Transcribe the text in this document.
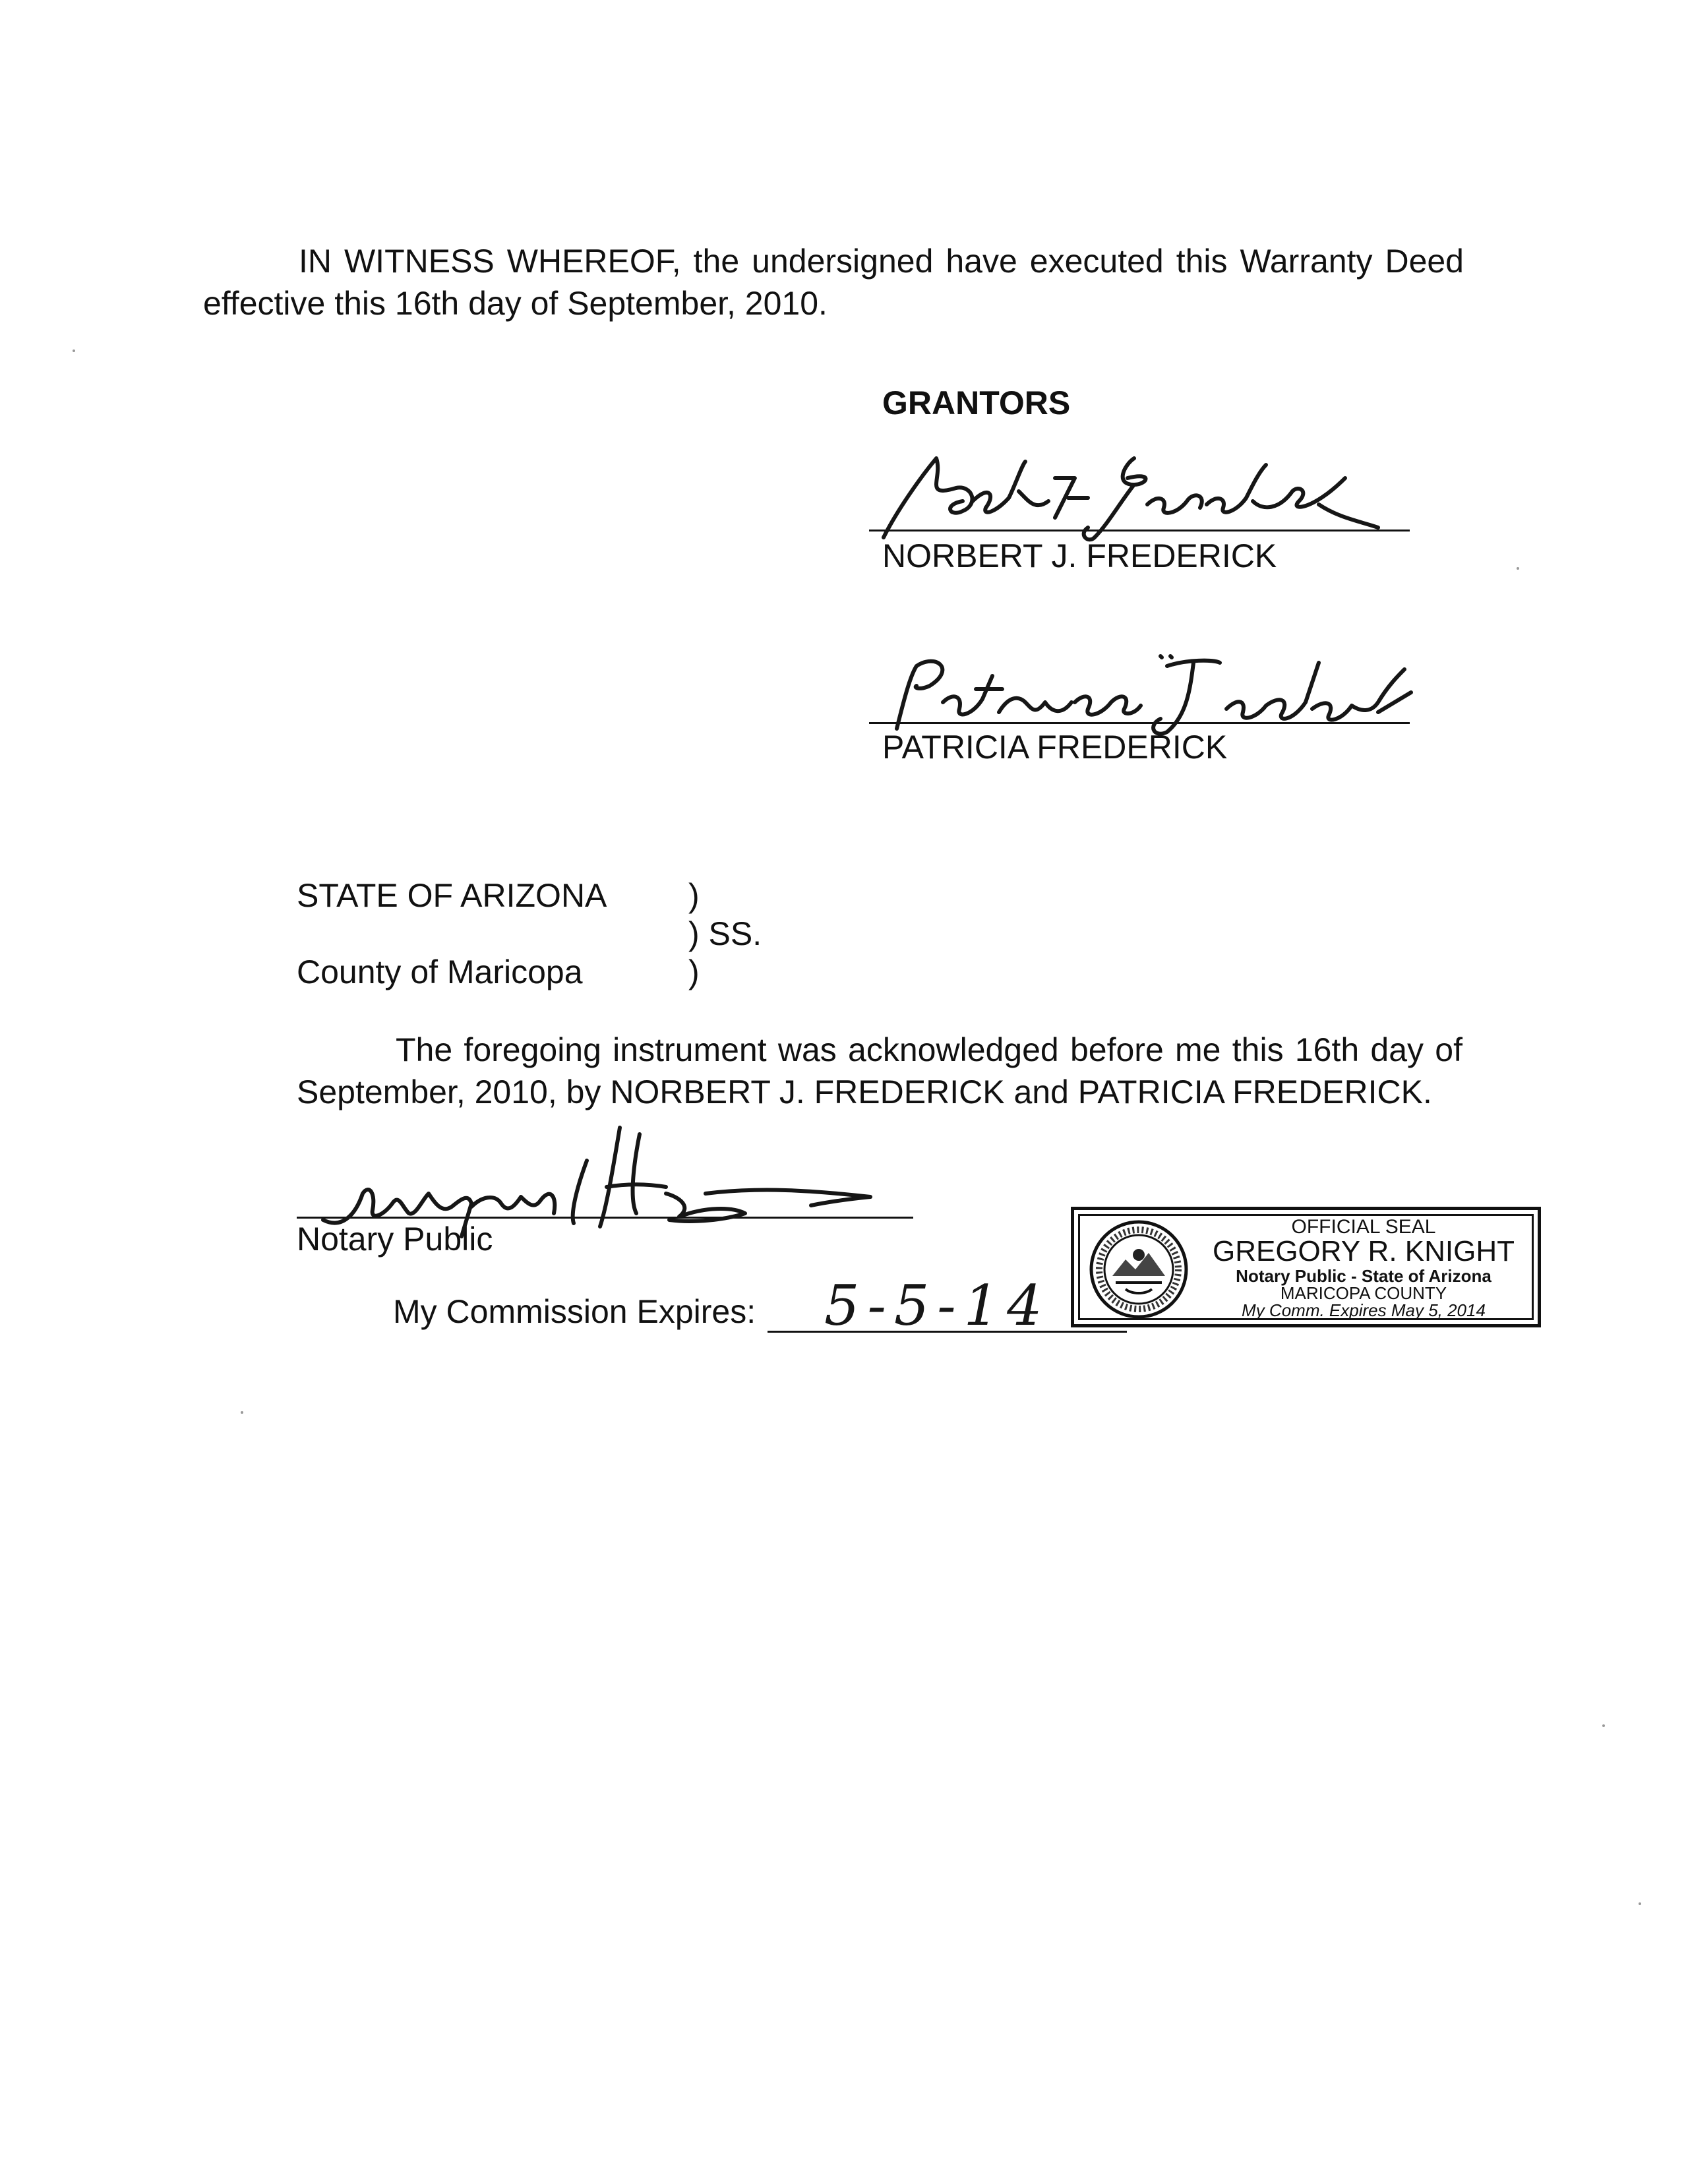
IN WITNESS WHEREOF, the undersigned have executed this Warranty Deed effective this 16th day of September, 2010.
GRANTORS
NORBERT J. FREDERICK
PATRICIA FREDERICK
STATE OF ARIZONA
County of Maricopa
)
) SS.
)
The foregoing instrument was acknowledged before me this 16th day of September, 2010, by NORBERT J. FREDERICK and PATRICIA FREDERICK.
Notary Public
My Commission Expires: 5-5-14
OFFICIAL SEAL
GREGORY R. KNIGHT
Notary Public - State of Arizona
MARICOPA COUNTY
My Comm. Expires May 5, 2014
